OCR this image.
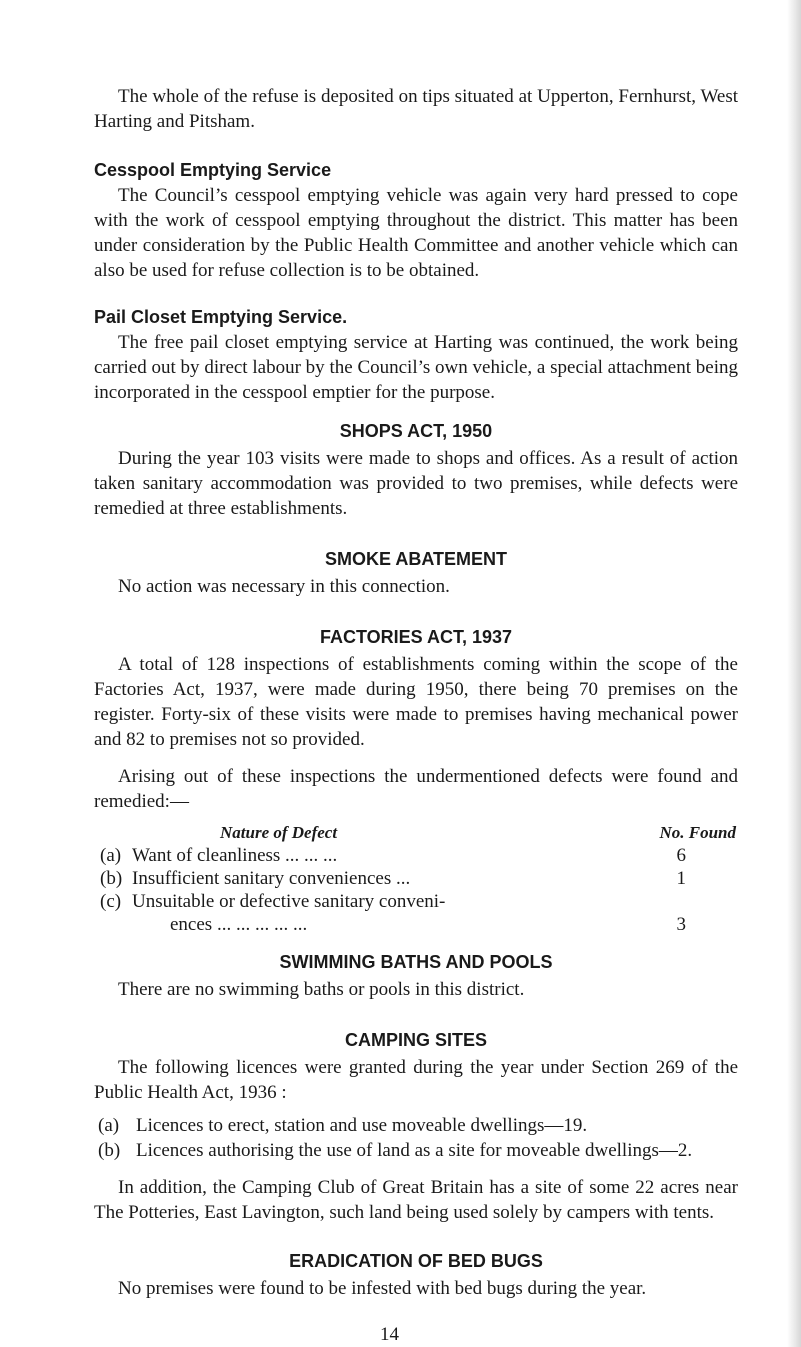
The whole of the refuse is deposited on tips situated at Upperton, Fernhurst, West Harting and Pitsham.

Cesspool Emptying Service

The Council’s cesspool emptying vehicle was again very hard pressed to cope with the work of cesspool emptying throughout the district. This matter has been under consideration by the Public Health Committee and another vehicle which can also be used for refuse collection is to be obtained.

Pail Closet Emptying Service.

The free pail closet emptying service at Harting was continued, the work being carried out by direct labour by the Council’s own vehicle, a special attachment being incorporated in the cesspool emptier for the purpose.

SHOPS ACT, 1950

During the year 103 visits were made to shops and offices. As a result of action taken sanitary accommodation was provided to two premises, while defects were remedied at three establishments.

SMOKE ABATEMENT

No action was necessary in this connection.

FACTORIES ACT, 1937

A total of 128 inspections of establishments coming within the scope of the Factories Act, 1937, were made during 1950, there being 70 premises on the register. Forty-six of these visits were made to premises having mechanical power and 82 to premises not so provided.

Arising out of these inspections the undermentioned defects were found and remedied:—

Nature of Defect	No. Found
(a) Want of cleanliness ... ... ...	6
(b) Insufficient sanitary conveniences ...	1
(c) Unsuitable or defective sanitary conveni-
ences ... ... ... ... ...	3

SWIMMING BATHS AND POOLS

There are no swimming baths or pools in this district.

CAMPING SITES

The following licences were granted during the year under Section 269 of the Public Health Act, 1936 :

(a) Licences to erect, station and use moveable dwellings—19.
(b) Licences authorising the use of land as a site for moveable dwellings—2.

In addition, the Camping Club of Great Britain has a site of some 22 acres near The Potteries, East Lavington, such land being used solely by campers with tents.

ERADICATION OF BED BUGS

No premises were found to be infested with bed bugs during the year.

14
